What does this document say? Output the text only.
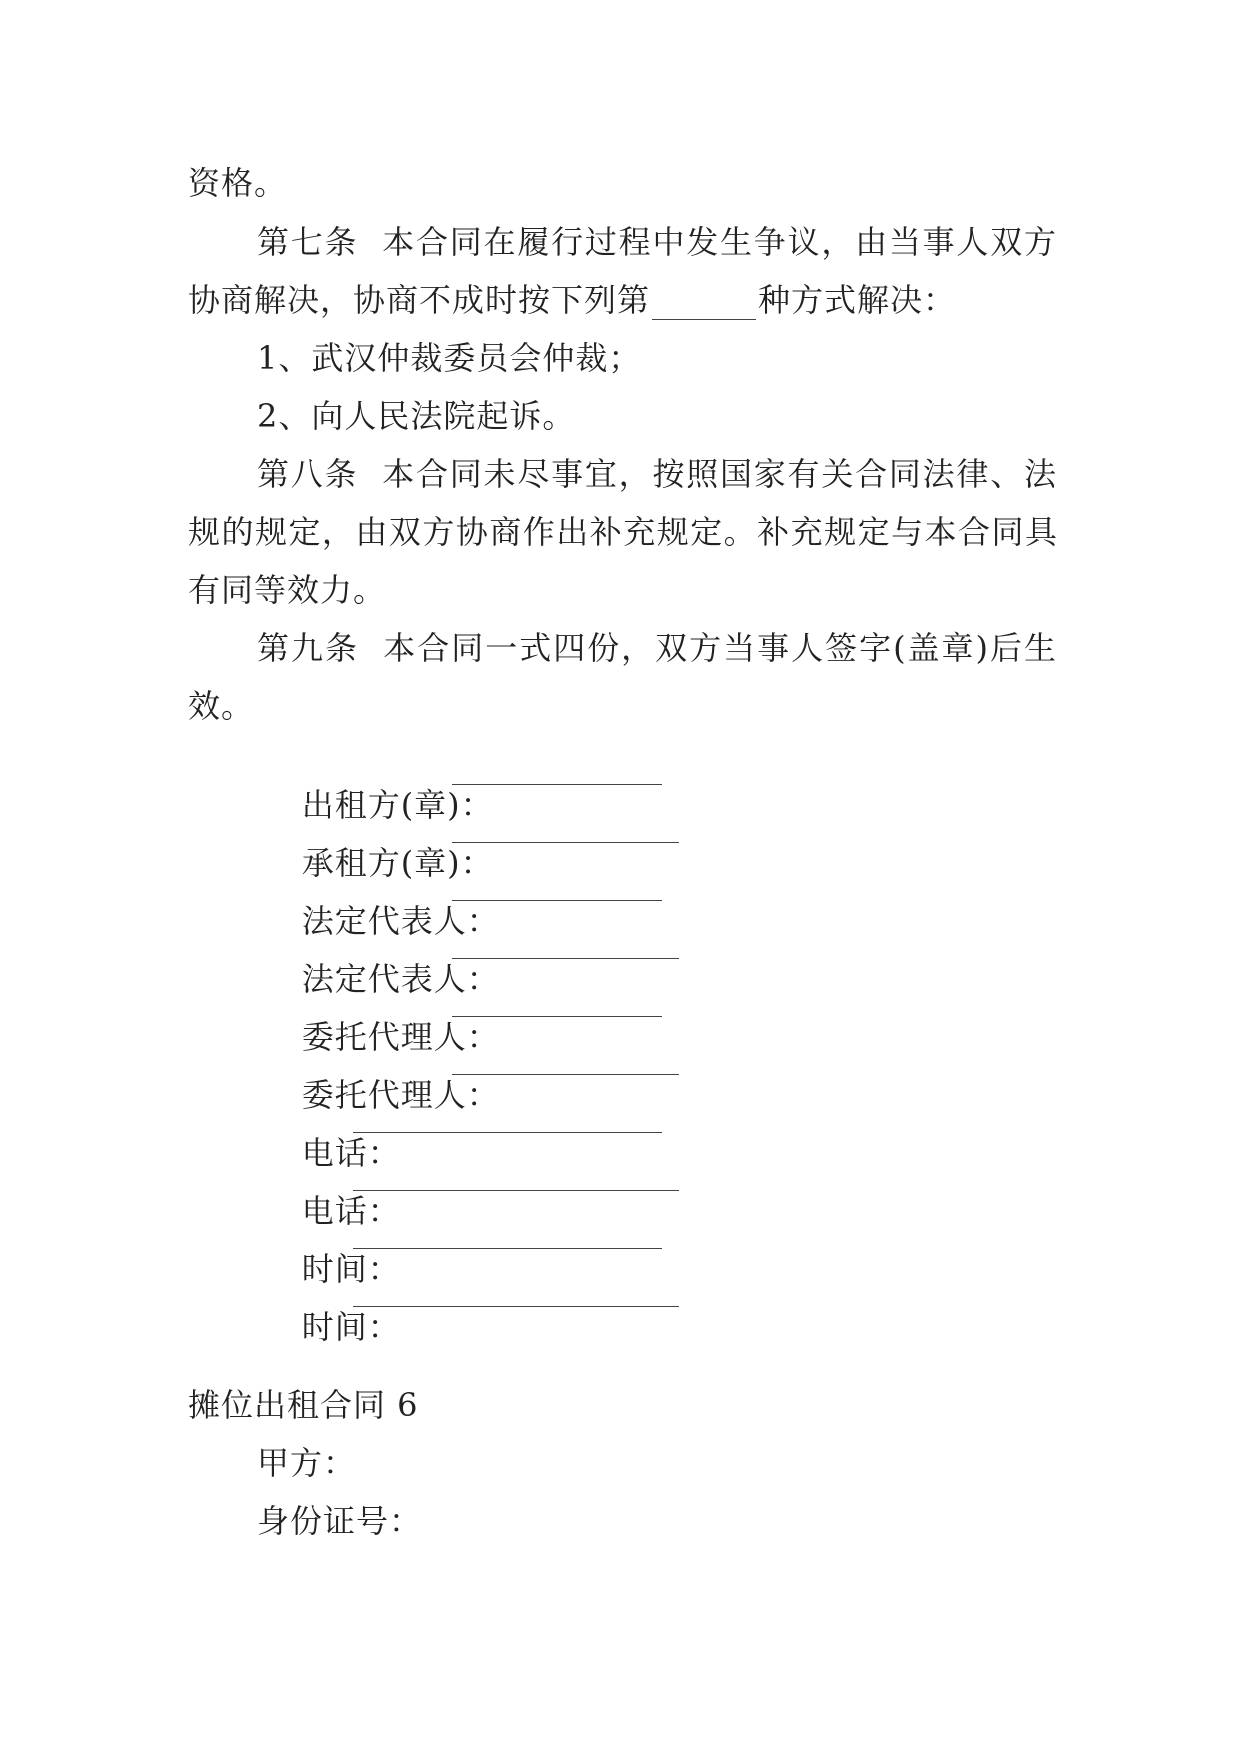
资格。
第七条  本合同在履行过程中发生争议，由当事人双方
协商解决，协商不成时按下列第	种方式解决：
1、武汉仲裁委员会仲裁；
2、向人民法院起诉。
第八条  本合同未尽事宜，按照国家有关合同法律、法
规的规定，由双方协商作出补充规定。补充规定与本合同具
有同等效力。
第九条  本合同一式四份，双方当事人签字(盖章)后生
效。

出租方(章)：

承租方(章)：

法定代表人：

法定代表人：

委托代理人：

委托代理人：

电话：

电话：

时间：

时间：

摊位出租合同 6
甲方：
身份证号：
